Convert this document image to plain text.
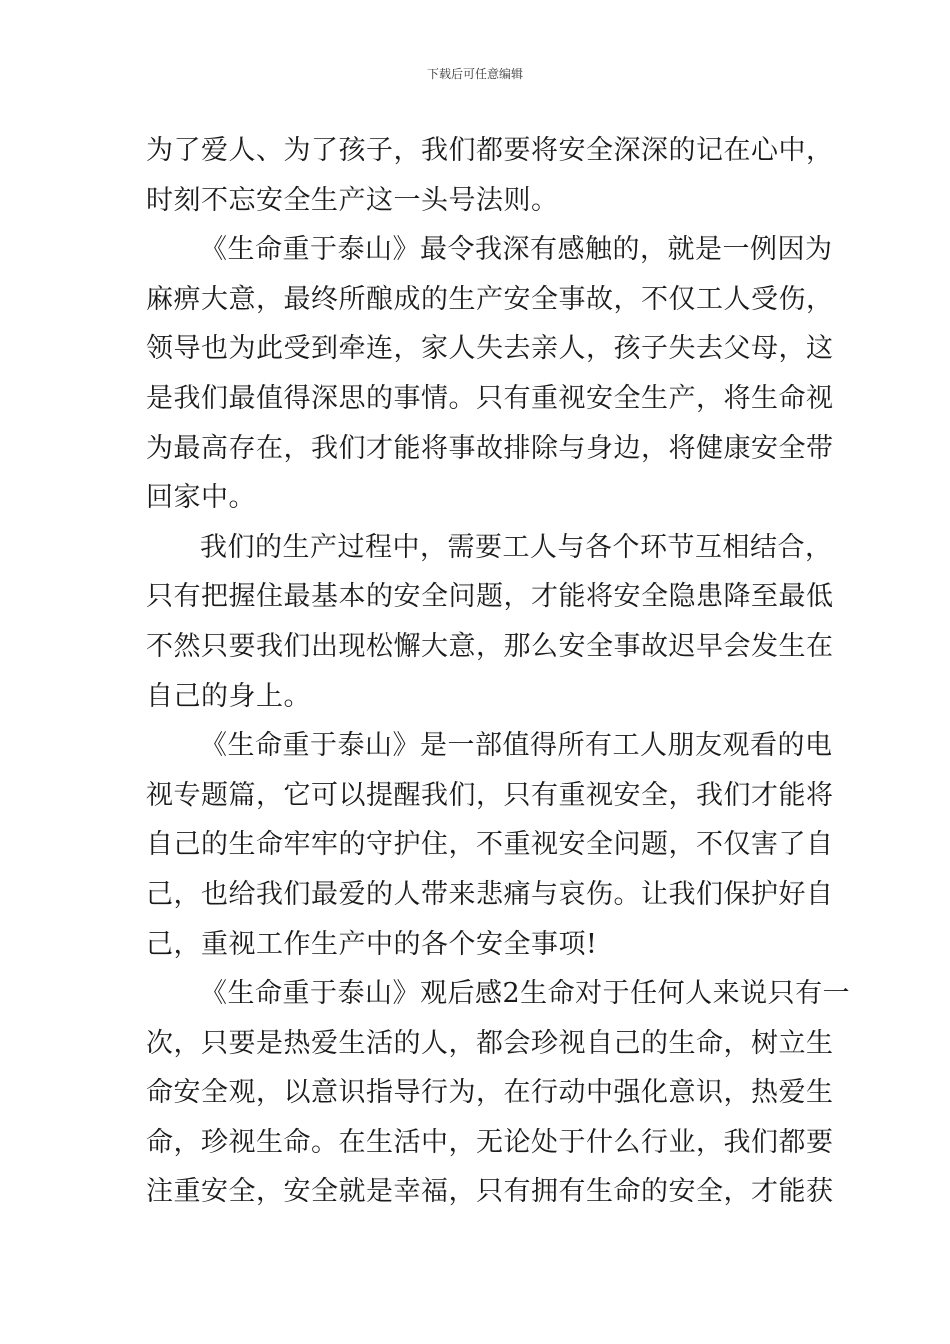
下载后可任意编辑
为了爱人、为了孩子，我们都要将安全深深的记在心中，
时刻不忘安全生产这一头号法则。
《生命重于泰山》最令我深有感触的，就是一例因为
麻痹大意，最终所酿成的生产安全事故，不仅工人受伤，
领导也为此受到牵连，家人失去亲人，孩子失去父母，这
是我们最值得深思的事情。只有重视安全生产，将生命视
为最高存在，我们才能将事故排除与身边，将健康安全带
回家中。
我们的生产过程中，需要工人与各个环节互相结合，
只有把握住最基本的安全问题，才能将安全隐患降至最低
不然只要我们出现松懈大意，那么安全事故迟早会发生在
自己的身上。
《生命重于泰山》是一部值得所有工人朋友观看的电
视专题篇，它可以提醒我们，只有重视安全，我们才能将
自己的生命牢牢的守护住，不重视安全问题，不仅害了自
己，也给我们最爱的人带来悲痛与哀伤。让我们保护好自
己，重视工作生产中的各个安全事项!
《生命重于泰山》观后感2生命对于任何人来说只有一
次，只要是热爱生活的人，都会珍视自己的生命，树立生
命安全观，以意识指导行为，在行动中强化意识，热爱生
命，珍视生命。在生活中，无论处于什么行业，我们都要
注重安全，安全就是幸福，只有拥有生命的安全，才能获
